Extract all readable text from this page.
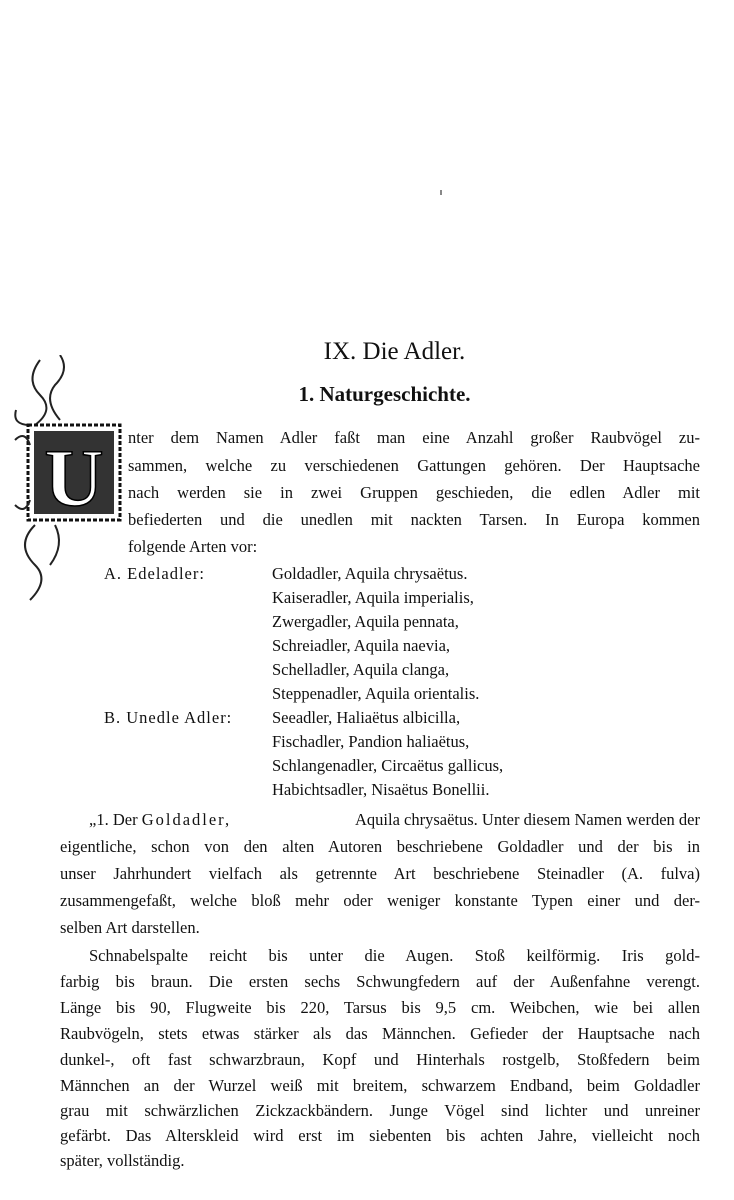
IX. Die Adler.
1. Naturgeschichte.
U nter dem Namen Adler faßt man eine Anzahl großer Raubvögel zu-
sammen, welche zu verschiedenen Gattungen gehören. Der Hauptsache
nach werden sie in zwei Gruppen geschieden, die edlen Adler mit
befiederten und die unedlen mit nackten Tarsen. In Europa kommen
folgende Arten vor:
A. Edeladler:	Goldadler, Aquila chrysaëtus.
Kaiseradler, Aquila imperialis,
Zwergadler, Aquila pennata,
Schreiadler, Aquila naevia,
Schelladler, Aquila clanga,
Steppenadler, Aquila orientalis.
B. Unedle Adler: Seeadler, Haliaëtus albicilla,
Fischadler, Pandion haliaëtus,
Schlangenadler, Circaëtus gallicus,
Habichtsadler, Nisaëtus Bonellii.
„1. Der Goldadler,	Aquila chrysaëtus. Unter diesem Namen werden der
eigentliche, schon von den alten Autoren beschriebene Goldadler und der bis in
unser Jahrhundert vielfach als getrennte Art beschriebene Steinadler (A. fulva)
zusammengefaßt, welche bloß mehr oder weniger konstante Typen einer und der-
selben Art darstellen.
Schnabelspalte reicht bis unter die Augen. Stoß keilförmig. Iris gold-
farbig bis braun. Die ersten sechs Schwungfedern auf der Außenfahne verengt.
Länge bis 90, Flugweite bis 220, Tarsus bis 9,5 cm. Weibchen, wie bei allen
Raubvögeln, stets etwas stärker als das Männchen. Gefieder der Hauptsache nach
dunkel-, oft fast schwarzbraun, Kopf und Hinterhals rostgelb, Stoßfedern beim
Männchen an der Wurzel weiß mit breitem, schwarzem Endband, beim Goldadler
grau mit schwärzlichen Zickzackbändern. Junge Vögel sind lichter und unreiner
gefärbt. Das Alterskleid wird erst im siebenten bis achten Jahre, vielleicht noch
später, vollständig.
